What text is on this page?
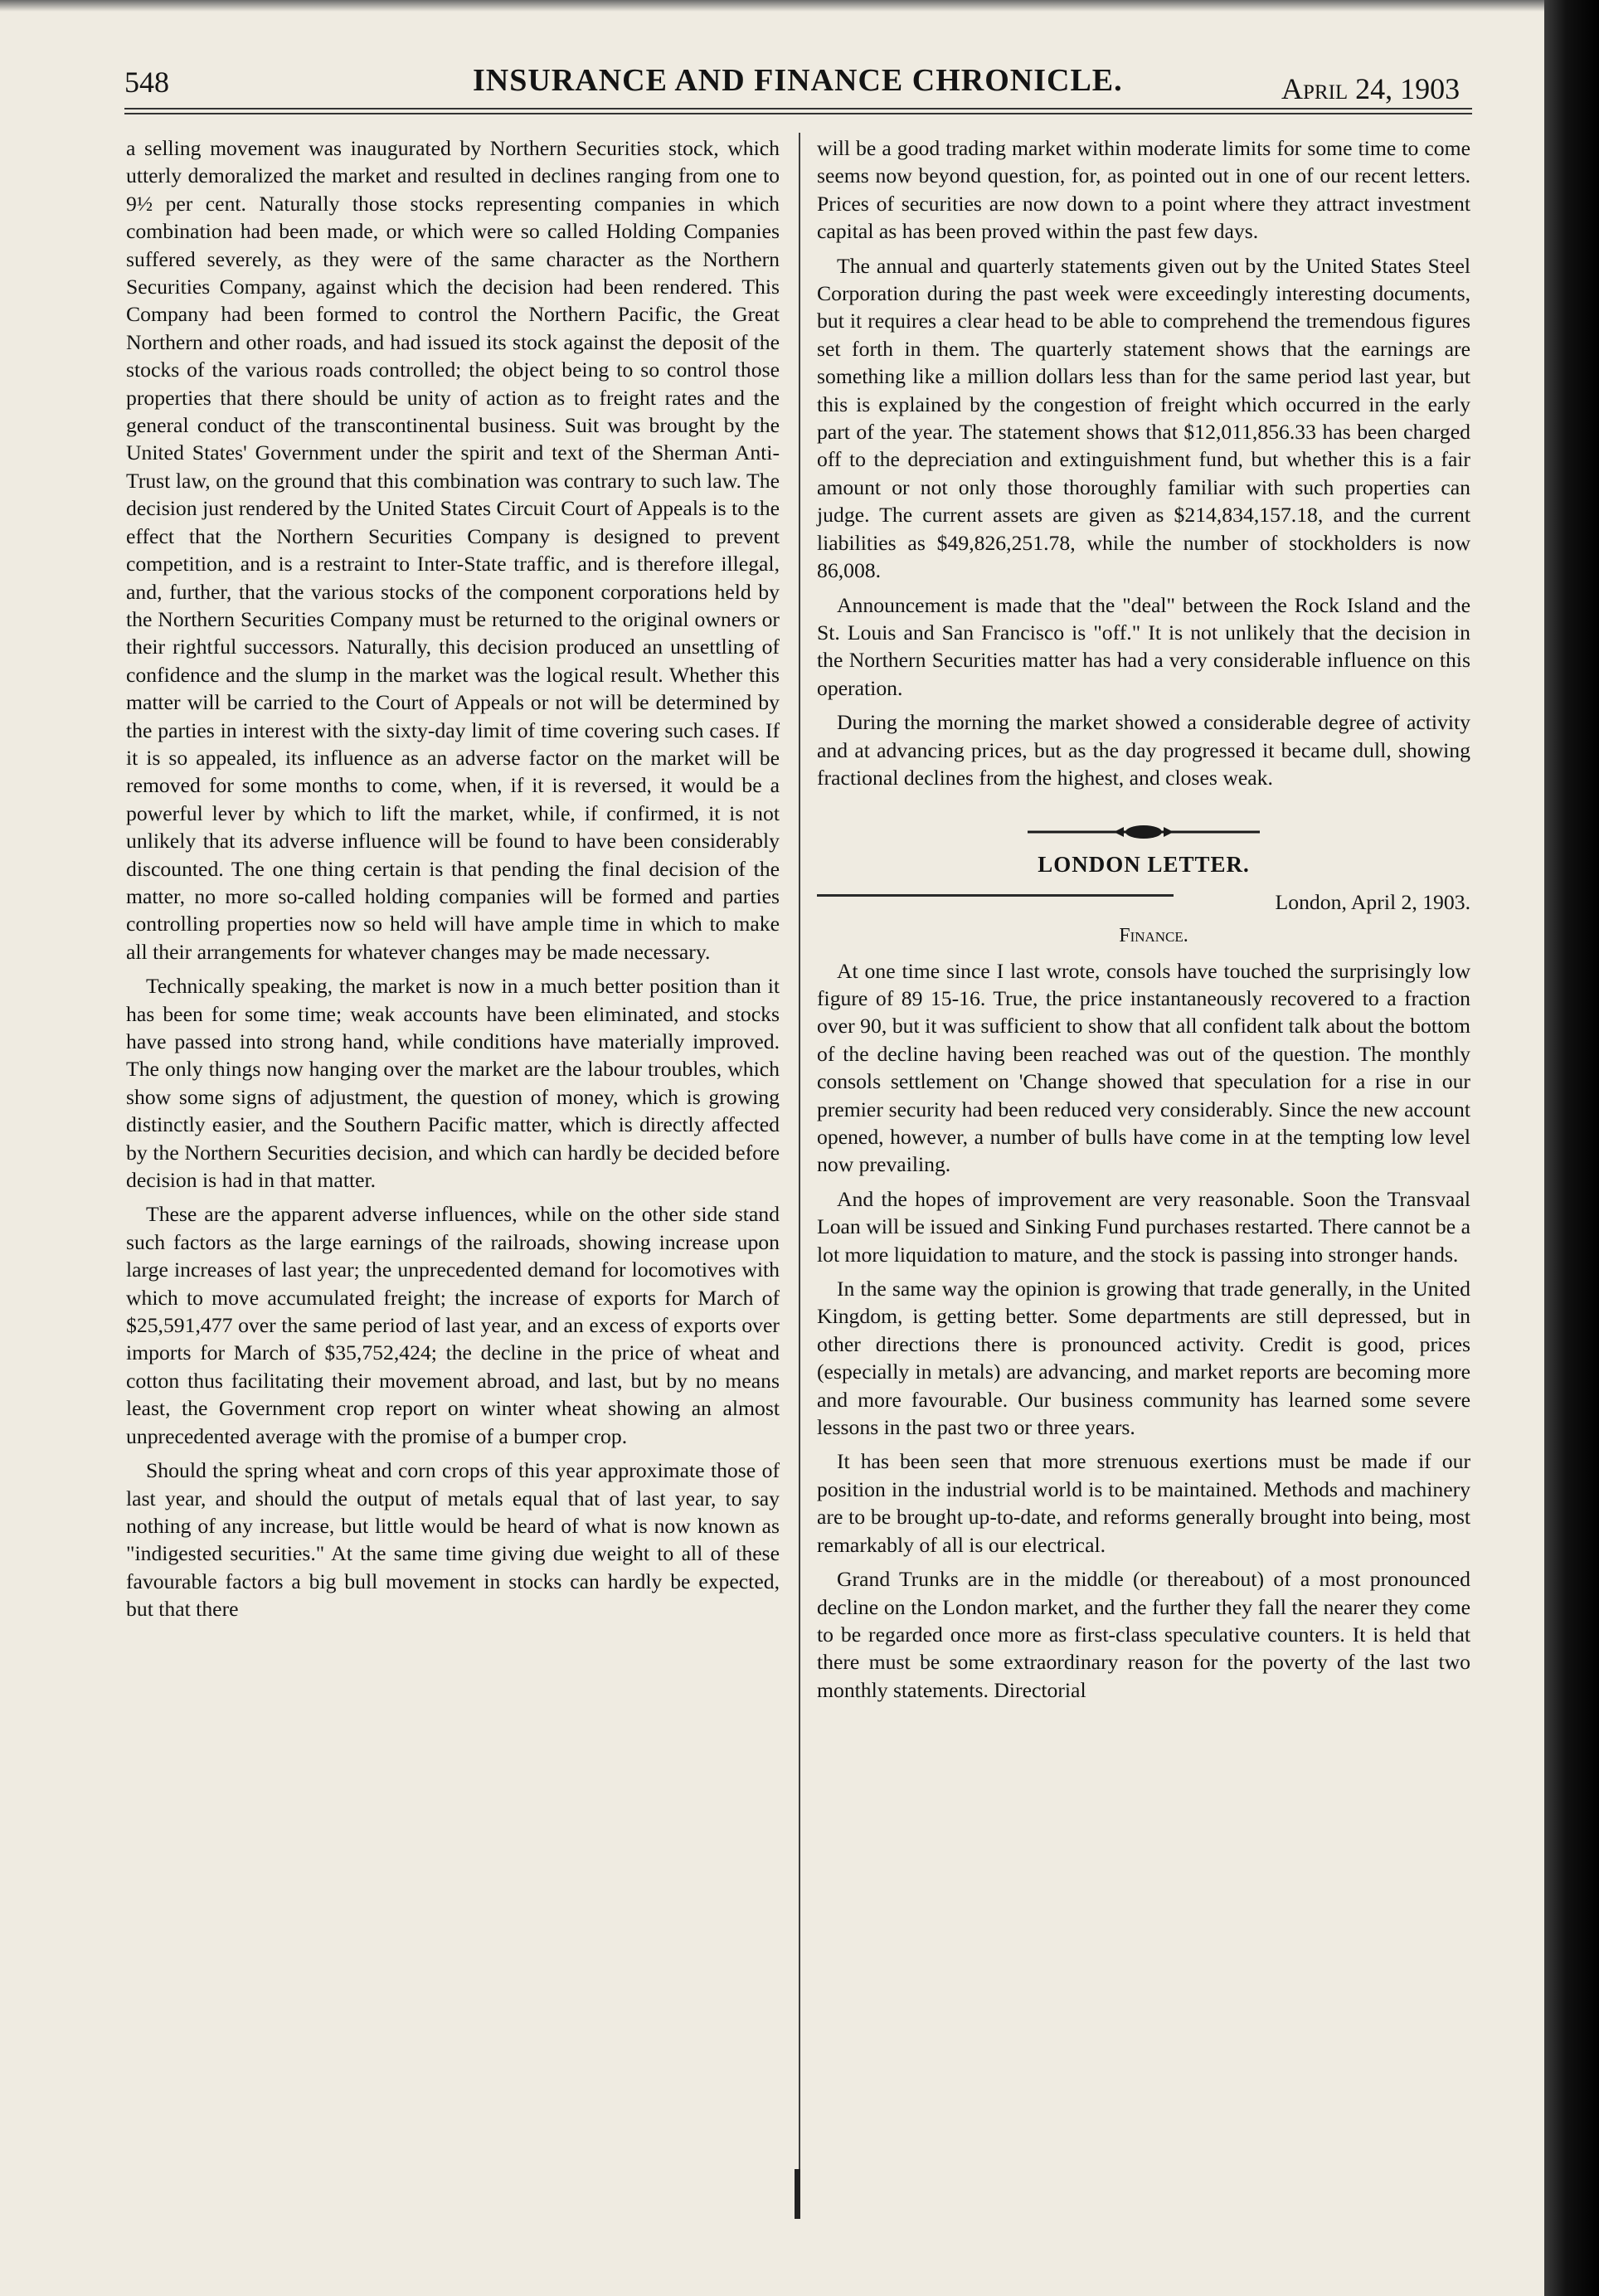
548	INSURANCE AND FINANCE CHRONICLE.	April 24, 1903

a selling movement was inaugurated by Northern Securities stock, which utterly demoralized the market and resulted in declines ranging from one to 9½ per cent. Naturally those stocks representing companies in which combination had been made, or which were so called Holding Companies suffered severely, as they were of the same character as the Northern Securities Company, against which the decision had been rendered. This Company had been formed to control the Northern Pacific, the Great Northern and other roads, and had issued its stock against the deposit of the stocks of the various roads controlled; the object being to so control those properties that there should be unity of action as to freight rates and the general conduct of the transcontinental business. Suit was brought by the United States' Government under the spirit and text of the Sherman Anti-Trust law, on the ground that this combination was contrary to such law. The decision just rendered by the United States Circuit Court of Appeals is to the effect that the Northern Securities Company is designed to prevent competition, and is a restraint to Inter-State traffic, and is therefore illegal, and, further, that the various stocks of the component corporations held by the Northern Securities Company must be returned to the original owners or their rightful successors. Naturally, this decision produced an unsettling of confidence and the slump in the market was the logical result. Whether this matter will be carried to the Court of Appeals or not will be determined by the parties in interest with the sixty-day limit of time covering such cases. If it is so appealed, its influence as an adverse factor on the market will be removed for some months to come, when, if it is reversed, it would be a powerful lever by which to lift the market, while, if confirmed, it is not unlikely that its adverse influence will be found to have been considerably discounted. The one thing certain is that pending the final decision of the matter, no more so-called holding companies will be formed and parties controlling properties now so held will have ample time in which to make all their arrangements for whatever changes may be made necessary.

Technically speaking, the market is now in a much better position than it has been for some time; weak accounts have been eliminated, and stocks have passed into strong hand, while conditions have materially improved. The only things now hanging over the market are the labour troubles, which show some signs of adjustment, the question of money, which is growing distinctly easier, and the Southern Pacific matter, which is directly affected by the Northern Securities decision, and which can hardly be decided before decision is had in that matter.

These are the apparent adverse influences, while on the other side stand such factors as the large earnings of the railroads, showing increase upon large increases of last year; the unprecedented demand for locomotives with which to move accumulated freight; the increase of exports for March of $25,591,477 over the same period of last year, and an excess of exports over imports for March of $35,752,424; the decline in the price of wheat and cotton thus facilitating their movement abroad, and last, but by no means least, the Government crop report on winter wheat showing an almost unprecedented average with the promise of a bumper crop.

Should the spring wheat and corn crops of this year approximate those of last year, and should the output of metals equal that of last year, to say nothing of any increase, but little would be heard of what is now known as "indigested securities." At the same time giving due weight to all of these favourable factors a big bull movement in stocks can hardly be expected, but that there

will be a good trading market within moderate limits for some time to come seems now beyond question, for, as pointed out in one of our recent letters. Prices of securities are now down to a point where they attract investment capital as has been proved within the past few days.

The annual and quarterly statements given out by the United States Steel Corporation during the past week were exceedingly interesting documents, but it requires a clear head to be able to comprehend the tremendous figures set forth in them. The quarterly statement shows that the earnings are something like a million dollars less than for the same period last year, but this is explained by the congestion of freight which occurred in the early part of the year. The statement shows that $12,011,856.33 has been charged off to the depreciation and extinguishment fund, but whether this is a fair amount or not only those thoroughly familiar with such properties can judge. The current assets are given as $214,834,157.18, and the current liabilities as $49,826,251.78, while the number of stockholders is now 86,008.

Announcement is made that the "deal" between the Rock Island and the St. Louis and San Francisco is "off." It is not unlikely that the decision in the Northern Securities matter has had a very considerable influence on this operation.

During the morning the market showed a considerable degree of activity and at advancing prices, but as the day progressed it became dull, showing fractional declines from the highest, and closes weak.

LONDON LETTER.

London, April 2, 1903.

Finance.

At one time since I last wrote, consols have touched the surprisingly low figure of 89 15-16. True, the price instantaneously recovered to a fraction over 90, but it was sufficient to show that all confident talk about the bottom of the decline having been reached was out of the question. The monthly consols settlement on 'Change showed that speculation for a rise in our premier security had been reduced very considerably. Since the new account opened, however, a number of bulls have come in at the tempting low level now prevailing.

And the hopes of improvement are very reasonable. Soon the Transvaal Loan will be issued and Sinking Fund purchases restarted. There cannot be a lot more liquidation to mature, and the stock is passing into stronger hands.

In the same way the opinion is growing that trade generally, in the United Kingdom, is getting better. Some departments are still depressed, but in other directions there is pronounced activity. Credit is good, prices (especially in metals) are advancing, and market reports are becoming more and more favourable. Our business community has learned some severe lessons in the past two or three years.

It has been seen that more strenuous exertions must be made if our position in the industrial world is to be maintained. Methods and machinery are to be brought up-to-date, and reforms generally brought into being, most remarkably of all is our electrical.

Grand Trunks are in the middle (or thereabout) of a most pronounced decline on the London market, and the further they fall the nearer they come to be regarded once more as first-class speculative counters. It is held that there must be some extraordinary reason for the poverty of the last two monthly statements. Directorial
